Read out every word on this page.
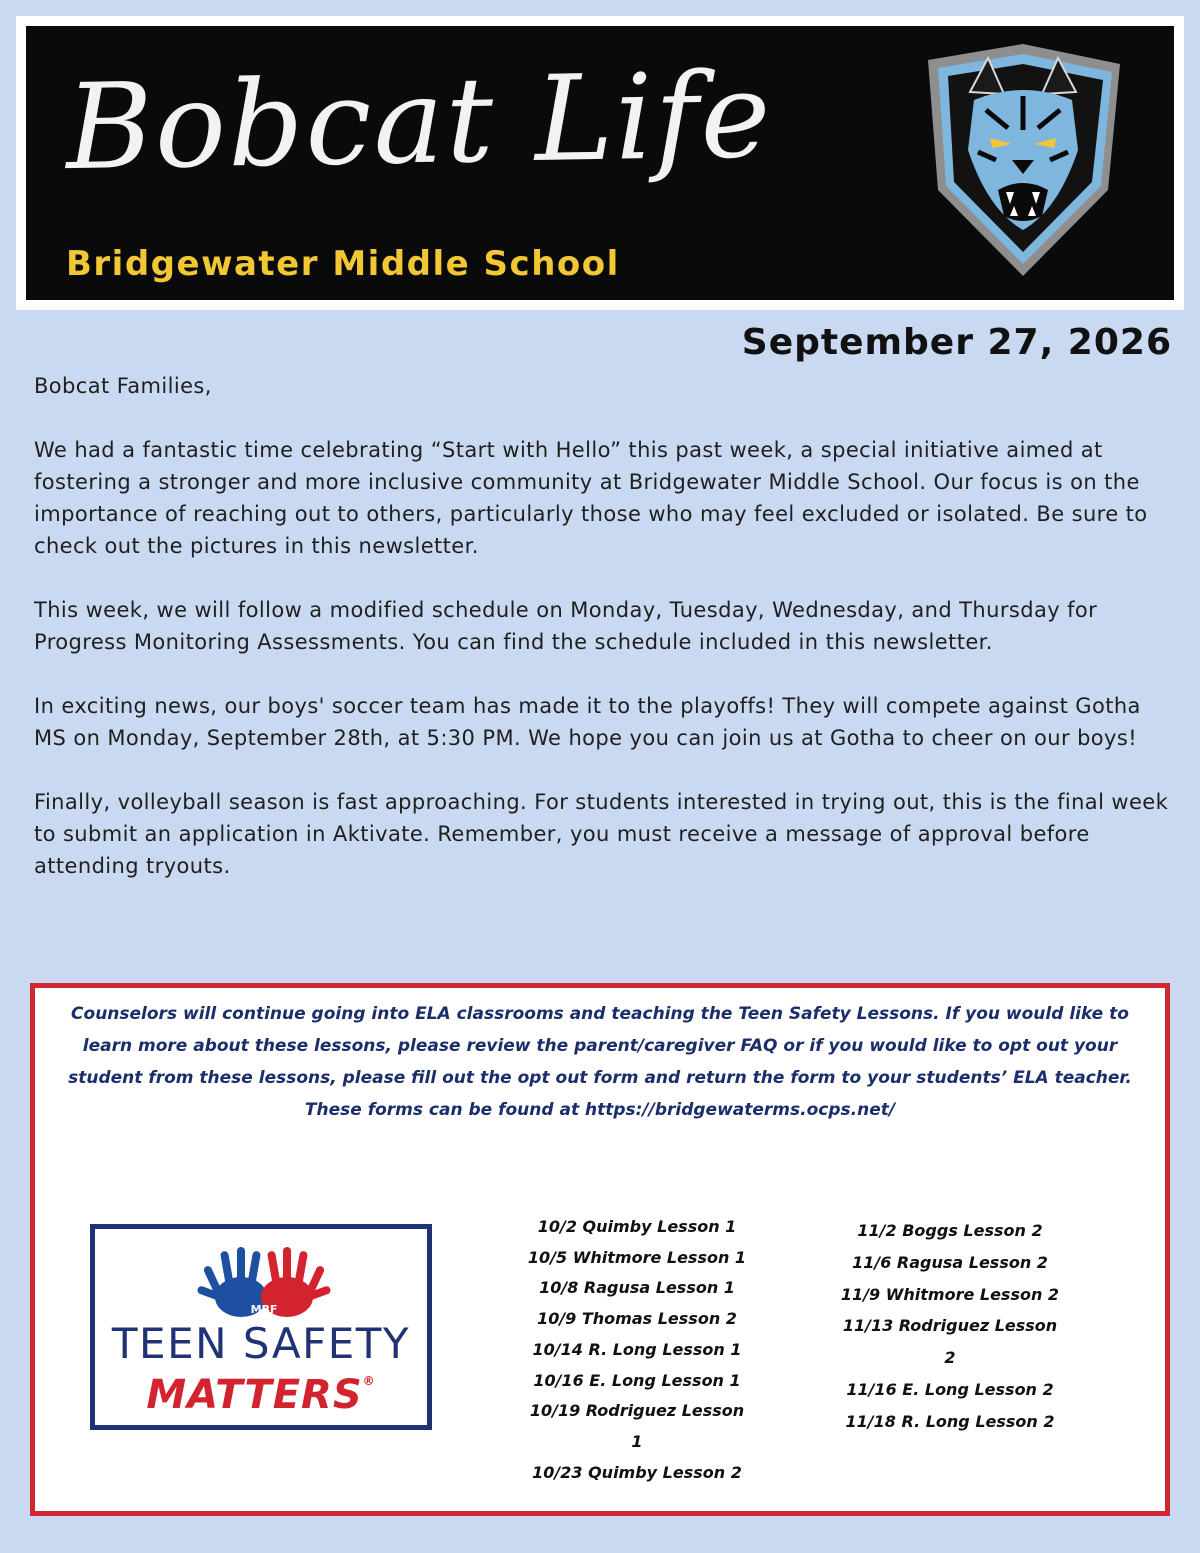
Bobcat Life
Bridgewater Middle School
September 27, 2026

Bobcat Families,

We had a fantastic time celebrating “Start with Hello” this past week, a special initiative aimed at fostering a stronger and more inclusive community at Bridgewater Middle School. Our focus is on the importance of reaching out to others, particularly those who may feel excluded or isolated. Be sure to check out the pictures in this newsletter.

This week, we will follow a modified schedule on Monday, Tuesday, Wednesday, and Thursday for Progress Monitoring Assessments. You can find the schedule included in this newsletter.

In exciting news, our boys' soccer team has made it to the playoffs! They will compete against Gotha MS on Monday, September 28th, at 5:30 PM. We hope you can join us at Gotha to cheer on our boys!

Finally, volleyball season is fast approaching. For students interested in trying out, this is the final week to submit an application in Aktivate. Remember, you must receive a message of approval before attending tryouts.

Counselors will continue going into ELA classrooms and teaching the Teen Safety Lessons. If you would like to learn more about these lessons, please review the parent/caregiver FAQ or if you would like to opt out your student from these lessons, please fill out the opt out form and return the form to your students’ ELA teacher.

These forms can be found at https://bridgewaterms.ocps.net/

MBF
TEEN SAFETY
MATTERS®
10/2 Quimby Lesson 1
10/5 Whitmore Lesson 1
10/8 Ragusa Lesson 1
10/9 Thomas Lesson 2
10/14 R. Long Lesson 1
10/16 E. Long Lesson 1
10/19 Rodriguez Lesson 1
10/23 Quimby Lesson 2
11/2 Boggs Lesson 2
11/6 Ragusa Lesson 2
11/9 Whitmore Lesson 2
11/13 Rodriguez Lesson 2
11/16 E. Long Lesson 2
11/18 R. Long Lesson 2
